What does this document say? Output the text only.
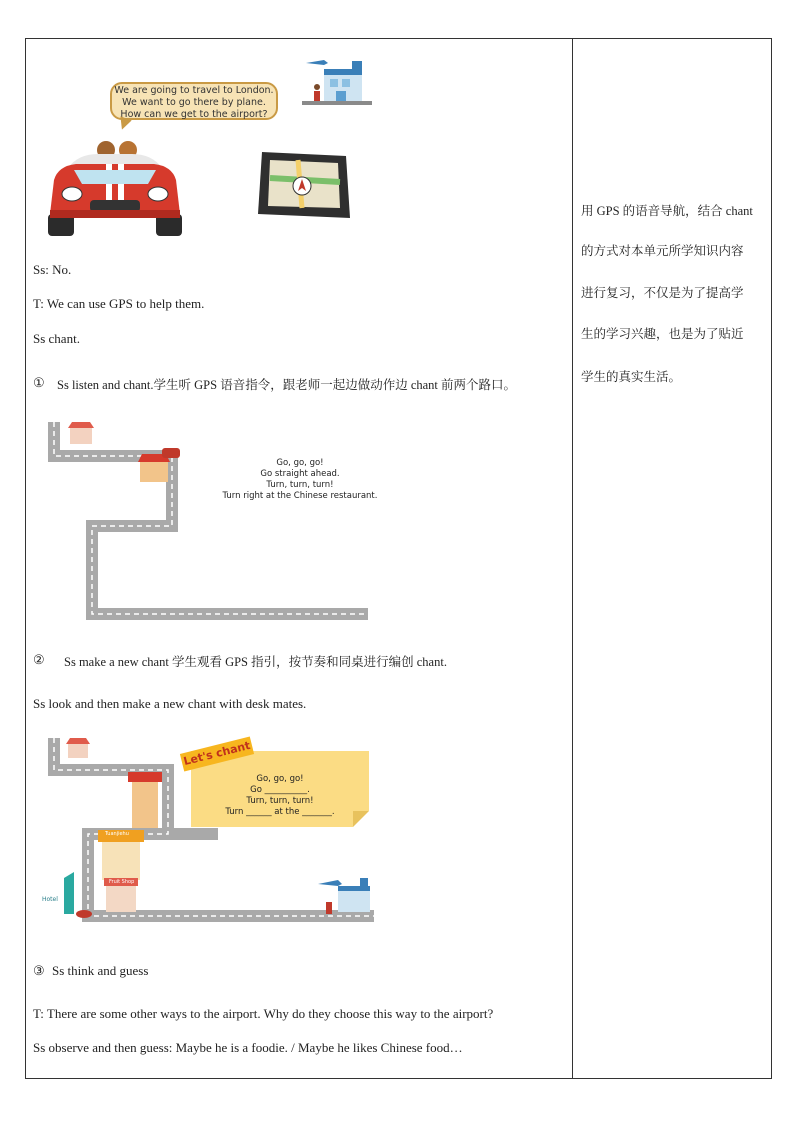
We are going to travel to London.
We want to go there by plane.
How can we get to the airport?
Ss: No.
T: We can use GPS to help them.
Ss chant.
① Ss listen and chant.学生听 GPS 语音指令，跟老师一起边做动作边 chant 前两个路口。
Go, go, go!
Go straight ahead.
Turn, turn, turn!
Turn right at the Chinese restaurant.
② Ss make a new chant 学生观看 GPS 指引，按节奏和同桌进行编创 chant.
Ss look and then make a new chant with desk mates.
Hotel
Tuanjiehu
Fruit Shop
Let's chant
Go, go, go!
Go __________.
Turn, turn, turn!
Turn ______ at the _______.
③ Ss think and guess
T: There are some other ways to the airport. Why do they choose this way to the airport?
Ss observe and then guess: Maybe he is a foodie. / Maybe he likes Chinese food…
用 GPS 的语音导航，结合 chant
的方式对本单元所学知识内容
进行复习，不仅是为了提高学
生的学习兴趣，也是为了贴近
学生的真实生活。
